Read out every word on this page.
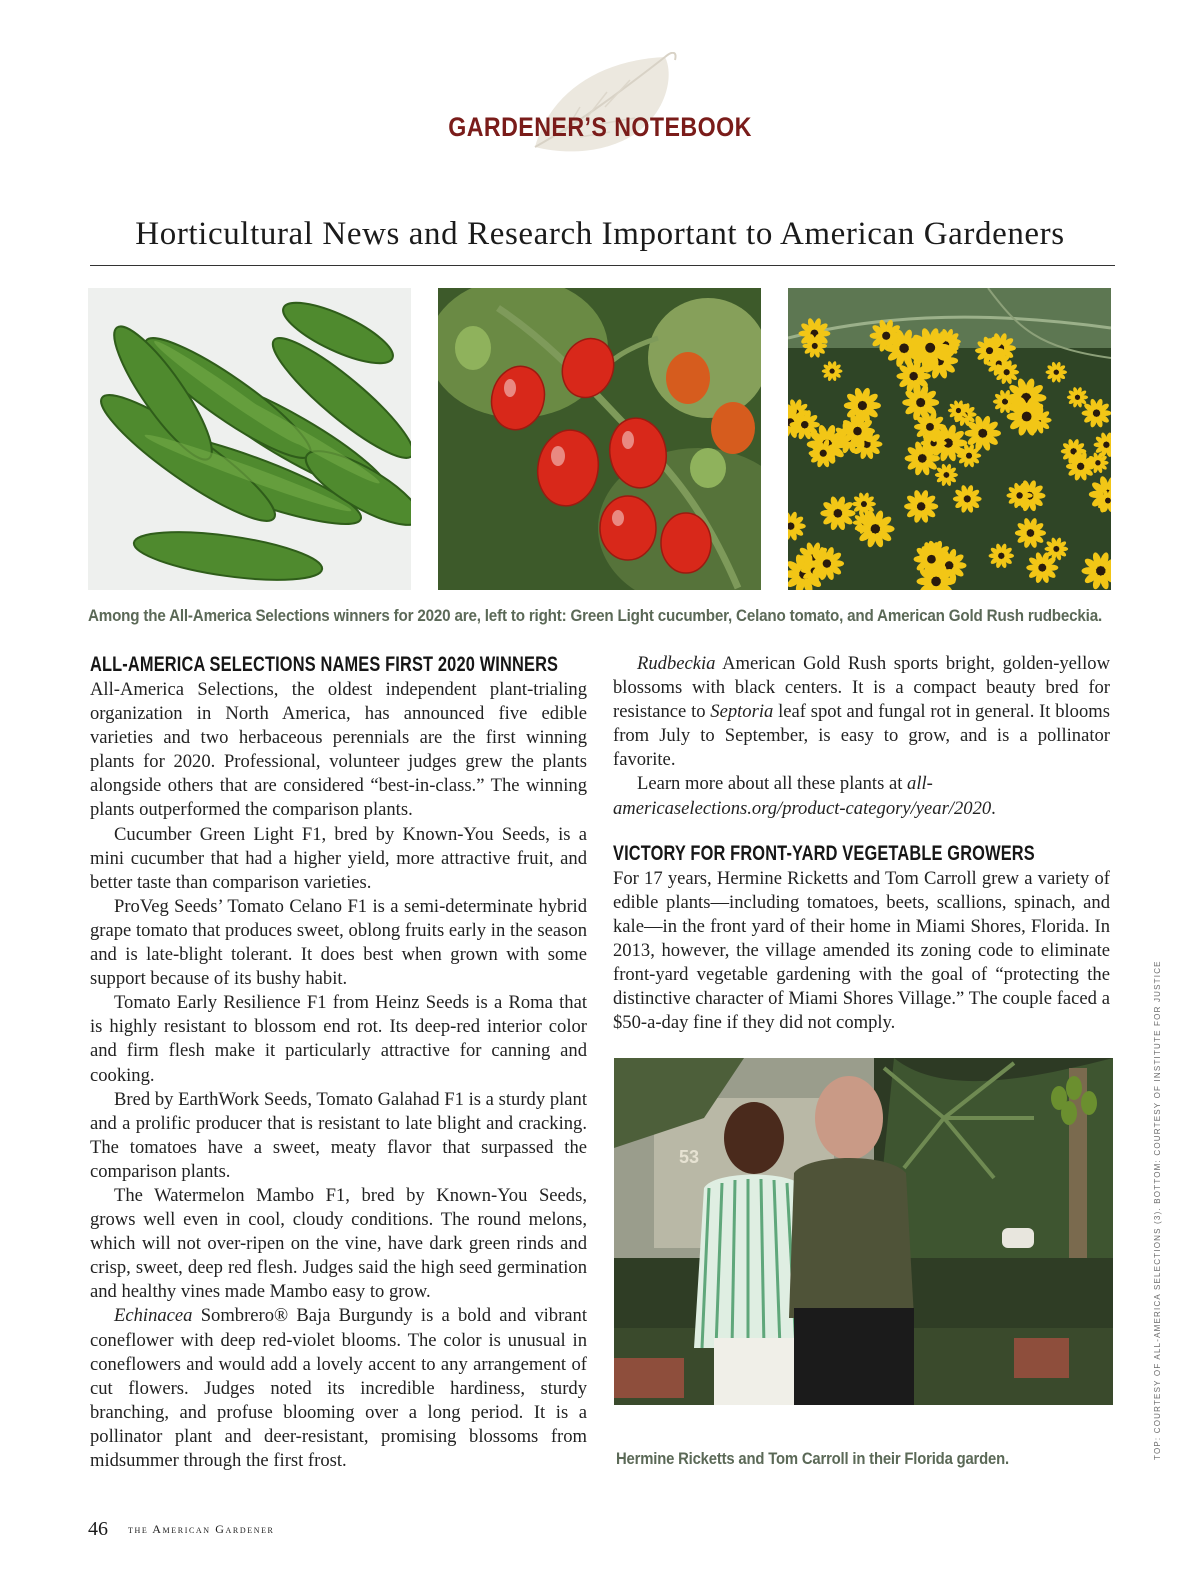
GARDENER’S NOTEBOOK
Horticultural News and Research Important to American Gardeners
Among the All-America Selections winners for 2020 are, left to right: Green Light cucumber, Celano tomato, and American Gold Rush rudbeckia.
ALL-AMERICA SELECTIONS NAMES FIRST 2020 WINNERS

All-America Selections, the oldest independent plant-trialing organization in North America, has announced five edible varieties and two herbaceous perennials are the first winning plants for 2020. Professional, volunteer judges grew the plants alongside others that are considered “best-in-class.” The winning plants outperformed the comparison plants.

Cucumber Green Light F1, bred by Known-You Seeds, is a mini cucumber that had a higher yield, more attractive fruit, and better taste than comparison varieties.

ProVeg Seeds’ Tomato Celano F1 is a semi-determinate hybrid grape tomato that produces sweet, oblong fruits early in the season and is late-blight tolerant. It does best when grown with some support because of its bushy habit.

Tomato Early Resilience F1 from Heinz Seeds is a Roma that is highly resistant to blossom end rot. Its deep-red interior color and firm flesh make it particularly attractive for canning and cooking.

Bred by EarthWork Seeds, Tomato Galahad F1 is a sturdy plant and a prolific producer that is resistant to late blight and cracking. The tomatoes have a sweet, meaty flavor that surpassed the comparison plants.

The Watermelon Mambo F1, bred by Known-You Seeds, grows well even in cool, cloudy conditions. The round melons, which will not over-ripen on the vine, have dark green rinds and crisp, sweet, deep red flesh. Judges said the high seed germination and healthy vines made Mambo easy to grow.

Echinacea Sombrero® Baja Burgundy is a bold and vibrant coneflower with deep red-violet blooms. The color is unusual in coneflowers and would add a lovely accent to any arrangement of cut flowers. Judges noted its incredible hardiness, sturdy branching, and profuse blooming over a long period. It is a pollinator plant and deer-resistant, promising blossoms from midsummer through the first frost.

Rudbeckia American Gold Rush sports bright, golden-yellow blossoms with black centers. It is a compact beauty bred for resistance to Septoria leaf spot and fungal rot in general. It blooms from July to September, is easy to grow, and is a pollinator favorite.

Learn more about all these plants at all-americaselections.org/product-category/year/2020.

VICTORY FOR FRONT-YARD VEGETABLE GROWERS

For 17 years, Hermine Ricketts and Tom Carroll grew a variety of edible plants—including tomatoes, beets, scallions, spinach, and kale—in the front yard of their home in Miami Shores, Florida. In 2013, however, the village amended its zoning code to eliminate front-yard vegetable gardening with the goal of “protecting the distinctive character of Miami Shores Village.” The couple faced a $50-a-day fine if they did not comply.

53
Hermine Ricketts and Tom Carroll in their Florida garden.	TOP: COURTESY OF ALL-AMERICA SELECTIONS (3). BOTTOM: COURTESY OF INSTITUTE FOR JUSTICE
46 the American Gardener
